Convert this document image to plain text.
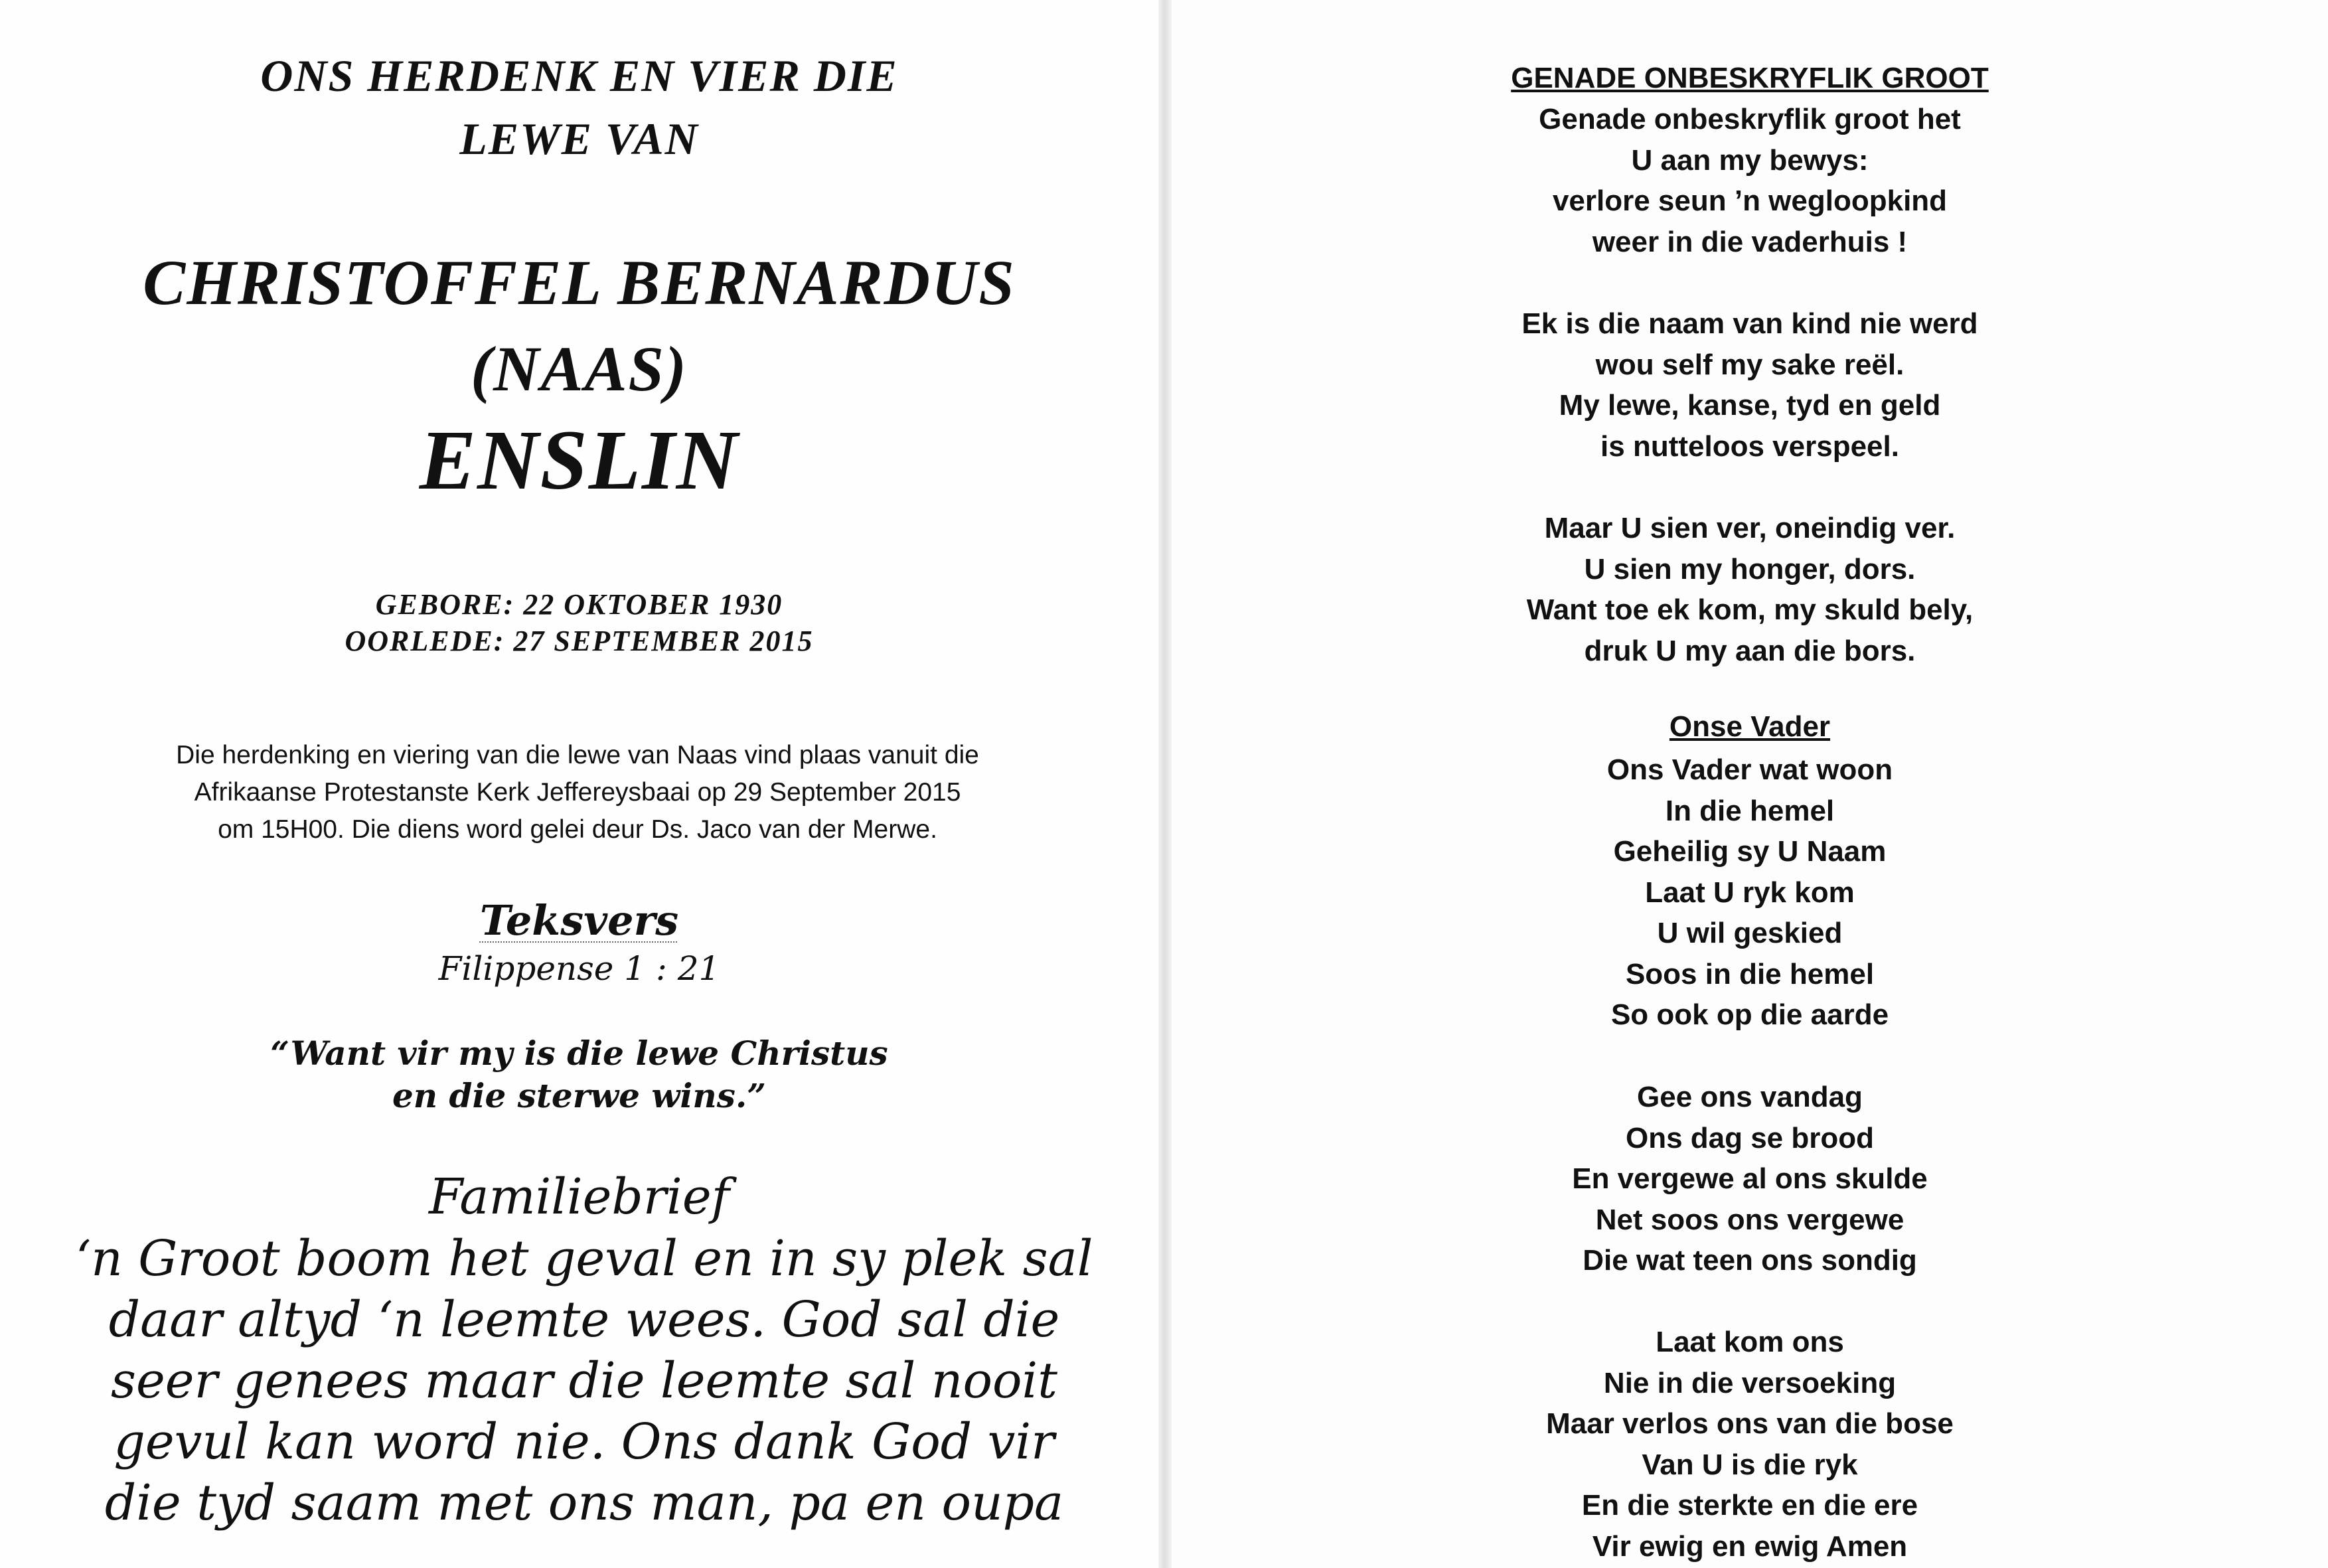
ONS HERDENK EN VIER DIE
LEWE VAN
CHRISTOFFEL BERNARDUS
(NAAS)
ENSLIN
GEBORE: 22 OKTOBER 1930
OORLEDE: 27 SEPTEMBER 2015
Die herdenking en viering van die lewe van Naas vind plaas vanuit die
Afrikaanse Protestanste Kerk Jeffereysbaai op 29 September 2015
om 15H00. Die diens word gelei deur Ds. Jaco van der Merwe.
Teksvers
Filippense 1 : 21
“Want vir my is die lewe Christus
en die sterwe wins.”
Familiebrief
‘n Groot boom het geval en in sy plek sal
daar altyd ‘n leemte wees. God sal die
seer genees maar die leemte sal nooit
gevul kan word nie. Ons dank God vir
die tyd saam met ons man, pa en oupa
GENADE ONBESKRYFLIK GROOT
Genade onbeskryflik groot het
U aan my bewys:
verlore seun ’n wegloopkind
weer in die vaderhuis !
Ek is die naam van kind nie werd
wou self my sake reël.
My lewe, kanse, tyd en geld
is nutteloos verspeel.
Maar U sien ver, oneindig ver.
U sien my honger, dors.
Want toe ek kom, my skuld bely,
druk U my aan die bors.
Onse Vader
Ons Vader wat woon
In die hemel
Geheilig sy U Naam
Laat U ryk kom
U wil geskied
Soos in die hemel
So ook op die aarde
Gee ons vandag
Ons dag se brood
En vergewe al ons skulde
Net soos ons vergewe
Die wat teen ons sondig
Laat kom ons
Nie in die versoeking
Maar verlos ons van die bose
Van U is die ryk
En die sterkte en die ere
Vir ewig en ewig Amen
